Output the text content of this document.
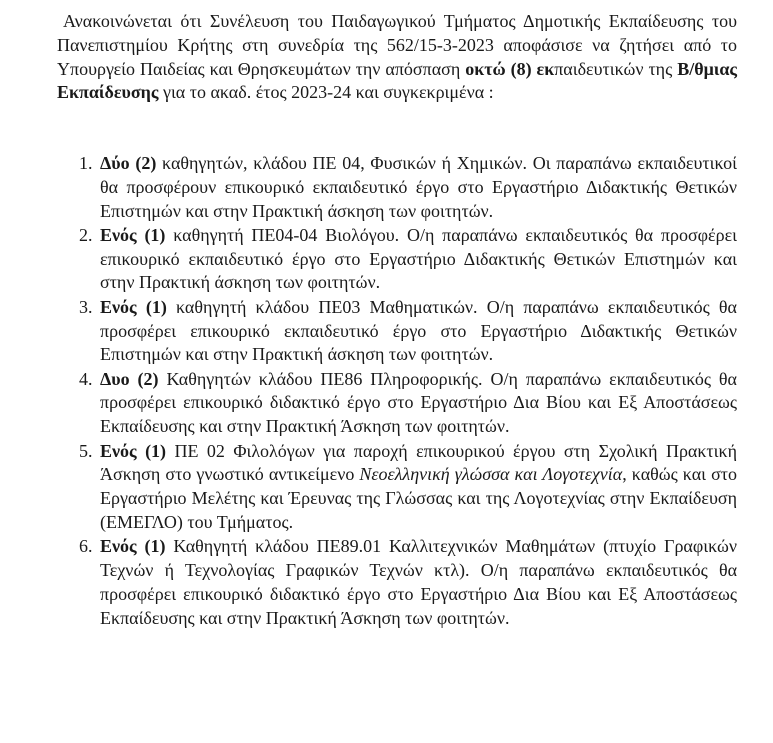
Ανακοινώνεται ότι Συνέλευση του Παιδαγωγικού Τμήματος Δημοτικής Εκπαίδευσης του Πανεπιστημίου Κρήτης στη συνεδρία της 562/15-3-2023 αποφάσισε να ζητήσει από το Υπουργείο Παιδείας και Θρησκευμάτων την απόσπαση οκτώ (8) εκπαιδευτικών της Β/θμιας Εκπαίδευσης για το ακαδ. έτος 2023-24 και συγκεκριμένα :

1. Δύο (2) καθηγητών, κλάδου ΠΕ 04, Φυσικών ή Χημικών. Οι παραπάνω εκπαιδευτικοί θα προσφέρουν επικουρικό εκπαιδευτικό έργο στο Εργαστήριο Διδακτικής Θετικών Επιστημών και στην Πρακτική άσκηση των φοιτητών.
2. Ενός (1) καθηγητή ΠΕ04-04 Βιολόγου. Ο/η παραπάνω εκπαιδευτικός θα προσφέρει επικουρικό εκπαιδευτικό έργο στο Εργαστήριο Διδακτικής Θετικών Επιστημών και στην Πρακτική άσκηση των φοιτητών.
3. Ενός (1) καθηγητή κλάδου ΠΕ03 Μαθηματικών. Ο/η παραπάνω εκπαιδευτικός θα προσφέρει επικουρικό εκπαιδευτικό έργο στο Εργαστήριο Διδακτικής Θετικών Επιστημών και στην Πρακτική άσκηση των φοιτητών.
4. Δυο (2) Καθηγητών κλάδου ΠΕ86 Πληροφορικής. Ο/η παραπάνω εκπαιδευτικός θα προσφέρει επικουρικό διδακτικό έργο στο Εργαστήριο Δια Βίου και Εξ Αποστάσεως Εκπαίδευσης και στην Πρακτική Άσκηση των φοιτητών.
5. Ενός (1) ΠΕ 02 Φιλολόγων για παροχή επικουρικού έργου στη Σχολική Πρακτική Άσκηση στο γνωστικό αντικείμενο Νεοελληνική γλώσσα και Λογοτεχνία, καθώς και στο Εργαστήριο Μελέτης και Έρευνας της Γλώσσας και της Λογοτεχνίας στην Εκπαίδευση (ΕΜΕΓΛΟ) του Τμήματος.
6. Ενός (1) Καθηγητή κλάδου ΠΕ89.01 Καλλιτεχνικών Μαθημάτων (πτυχίο Γραφικών Τεχνών ή Τεχνολογίας Γραφικών Τεχνών κτλ). Ο/η παραπάνω εκπαιδευτικός θα προσφέρει επικουρικό διδακτικό έργο στο Εργαστήριο Δια Βίου και Εξ Αποστάσεως Εκπαίδευσης και στην Πρακτική Άσκηση των φοιτητών.
